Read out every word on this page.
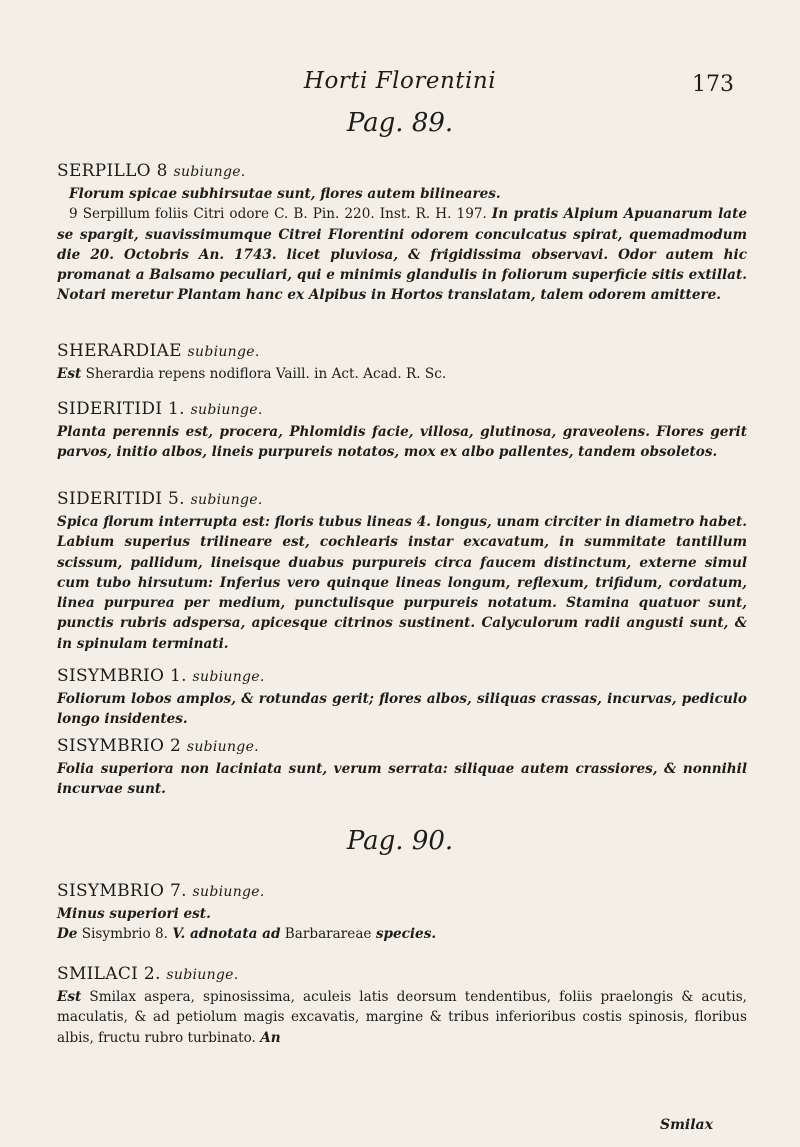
Horti Florentini	173
Pag. 89.

SERPILLO 8 subiunge.

Florum spicae subhirsutae sunt, flores autem bilineares.

9 Serpillum foliis Citri odore C. B. Pin. 220. Inst. R. H. 197. In pratis Alpium Apuanarum late se spargit, suavissimumque Citrei Florentini odorem conculcatus spirat, quemadmodum die 20. Octobris An. 1743. licet pluviosa, & frigidissima observavi. Odor autem hic promanat a Balsamo peculiari, qui e minimis glandulis in foliorum superficie sitis extillat. Notari meretur Plantam hanc ex Alpibus in Hortos translatam, talem odorem amittere.

SHERARDIAE subiunge.

Est Sherardia repens nodiflora Vaill. in Act. Acad. R. Sc.

SIDERITIDI 1. subiunge.

Planta perennis est, procera, Phlomidis facie, villosa, glutinosa, graveolens. Flores gerit parvos, initio albos, lineis purpureis notatos, mox ex albo pallentes, tandem obsoletos.

SIDERITIDI 5. subiunge.

Spica florum interrupta est: floris tubus lineas 4. longus, unam circiter in diametro habet. Labium superius trilineare est, cochlearis instar excavatum, in summitate tantillum scissum, pallidum, lineisque duabus purpureis circa faucem distinctum, externe simul cum tubo hirsutum: Inferius vero quinque lineas longum, reflexum, trifidum, cordatum, linea purpurea per medium, punctulisque purpureis notatum. Stamina quatuor sunt, punctis rubris adspersa, apicesque citrinos sustinent. Calyculorum radii angusti sunt, & in spinulam terminati.

SISYMBRIO 1. subiunge.

Foliorum lobos amplos, & rotundas gerit; flores albos, siliquas crassas, incurvas, pediculo longo insidentes.

SISYMBRIO 2 subiunge.

Folia superiora non laciniata sunt, verum serrata: siliquae autem crassiores, & nonnihil incurvae sunt.

Pag. 90.

SISYMBRIO 7. subiunge.

Minus superiori est.

De Sisymbrio 8. V. adnotata ad Barbarareae species.

SMILACI 2. subiunge.

Est Smilax aspera, spinosissima, aculeis latis deorsum tendentibus, foliis praelongis & acutis, maculatis, & ad petiolum magis excavatis, margine & tribus inferioribus costis spinosis, floribus albis, fructu rubro turbinato. An

Smilax
